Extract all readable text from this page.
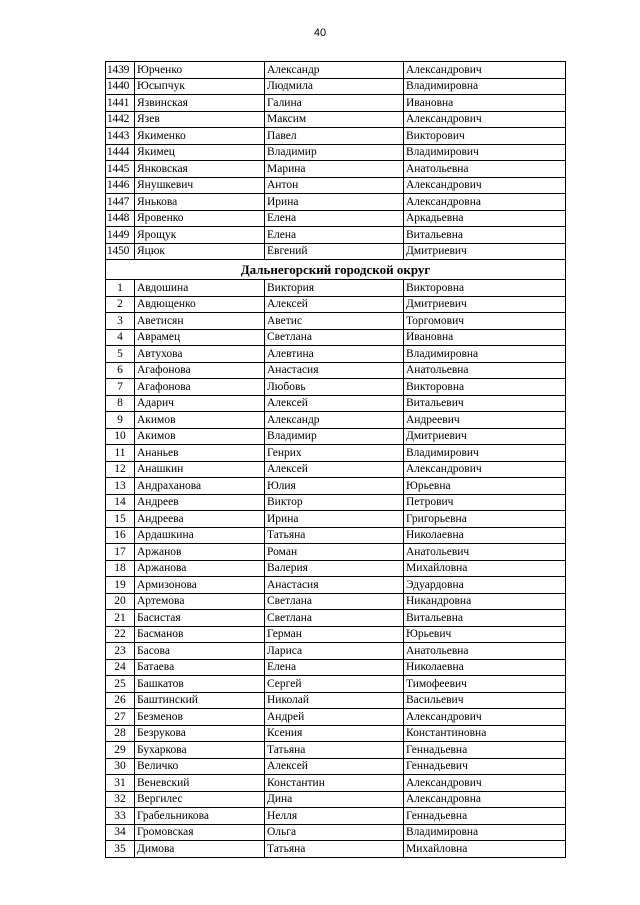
40
1439	Юрченко	Александр	Александрович
1440	Юсыпчук	Людмила	Владимировна
1441	Язвинская	Галина	Ивановна
1442	Язев	Максим	Александрович
1443	Якименко	Павел	Викторович
1444	Якимец	Владимир	Владимирович
1445	Янковская	Марина	Анатольевна
1446	Янушкевич	Антон	Александрович
1447	Янькова	Ирина	Александровна
1448	Яровенко	Елена	Аркадьевна
1449	Ярощук	Елена	Витальевна
1450	Яцюк	Евгений	Дмитриевич
Дальнегорский городской округ			
1	Авдошина	Виктория	Викторовна
2	Авдющенко	Алексей	Дмитриевич
3	Аветисян	Аветис	Торгомович
4	Аврамец	Светлана	Ивановна
5	Автухова	Алевтина	Владимировна
6	Агафонова	Анастасия	Анатольевна
7	Агафонова	Любовь	Викторовна
8	Адарич	Алексей	Витальевич
9	Акимов	Александр	Андреевич
10	Акимов	Владимир	Дмитриевич
11	Ананьев	Генрих	Владимирович
12	Анашкин	Алексей	Александрович
13	Андраханова	Юлия	Юрьевна
14	Андреев	Виктор	Петрович
15	Андреева	Ирина	Григорьевна
16	Ардашкина	Татьяна	Николаевна
17	Аржанов	Роман	Анатольевич
18	Аржанова	Валерия	Михайловна
19	Армизонова	Анастасия	Эдуардовна
20	Артемова	Светлана	Никандровна
21	Басистая	Светлана	Витальевна
22	Басманов	Герман	Юрьевич
23	Басова	Лариса	Анатольевна
24	Батаева	Елена	Николаевна
25	Башкатов	Сергей	Тимофеевич
26	Баштинский	Николай	Васильевич
27	Безменов	Андрей	Александрович
28	Безрукова	Ксения	Константиновна
29	Бухаркова	Татьяна	Геннадьевна
30	Величко	Алексей	Геннадьевич
31	Веневский	Константин	Александрович
32	Вергилес	Дина	Александровна
33	Грабельникова	Нелля	Геннадьевна
34	Громовская	Ольга	Владимировна
35	Димова	Татьяна	Михайловна
